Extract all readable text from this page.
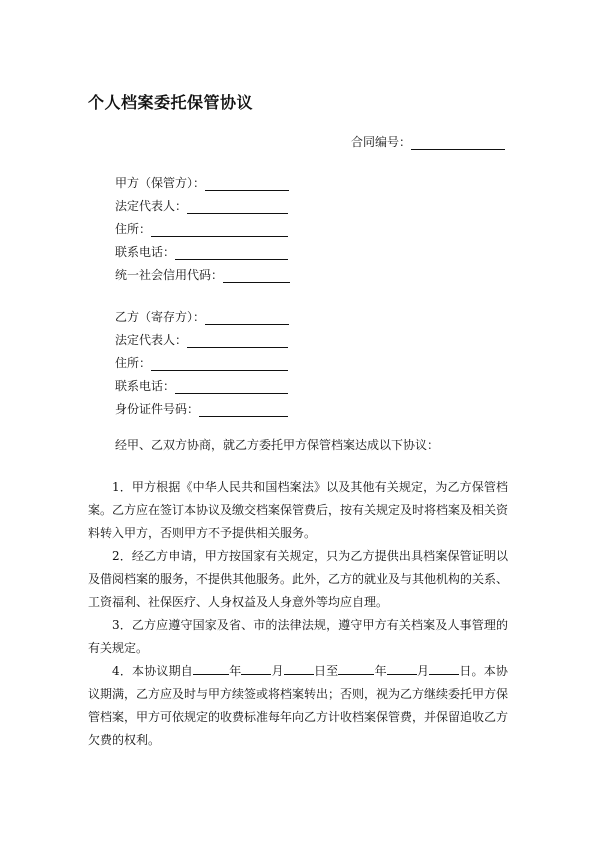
个人档案委托保管协议
合同编号：
甲方（保管方）：
法定代表人：
住所：
联系电话：
统一社会信用代码：
乙方（寄存方）：
法定代表人：
住所：
联系电话：
身份证件号码：
经甲、乙双方协商，就乙方委托甲方保管档案达成以下协议：

1．甲方根据《中华人民共和国档案法》以及其他有关规定，为乙方保管档案。乙方应在签订本协议及缴交档案保管费后，按有关规定及时将档案及相关资料转入甲方，否则甲方不予提供相关服务。

2．经乙方申请，甲方按国家有关规定，只为乙方提供出具档案保管证明以及借阅档案的服务，不提供其他服务。此外，乙方的就业及与其他机构的关系、工资福利、社保医疗、人身权益及人身意外等均应自理。

3．乙方应遵守国家及省、市的法律法规，遵守甲方有关档案及人事管理的有关规定。

4．本协议期自	年	月	日至	年	月	日。本协议期满，乙方应及时与甲方续签或将档案转出；否则，视为乙方继续委托甲方保管档案，甲方可依规定的收费标准每年向乙方计收档案保管费，并保留追收乙方欠费的权利。
